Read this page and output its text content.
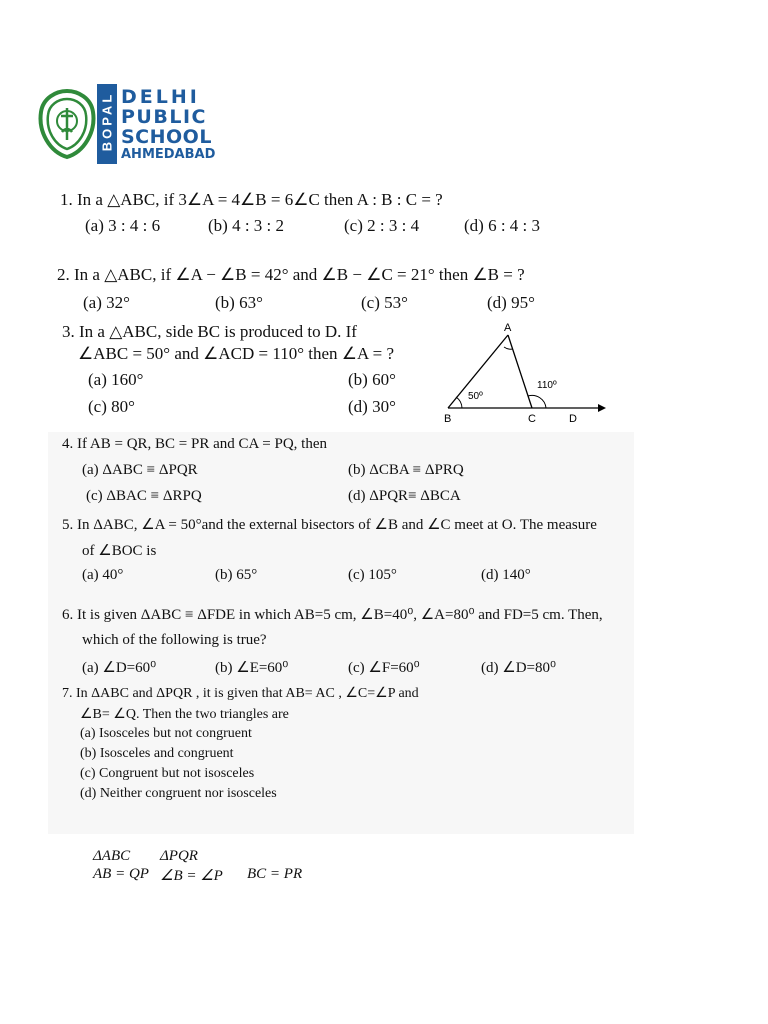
BOPAL DELHI
PUBLIC
SCHOOL
AHMEDABAD
1. In a △ABC, if 3∠A = 4∠B = 6∠C then A : B : C = ?
(a) 3 : 4 : 6	(b) 4 : 3 : 2	(c) 2 : 3 : 4	(d) 6 : 4 : 3
2. In a △ABC, if ∠A − ∠B = 42° and ∠B − ∠C = 21° then ∠B = ?
(a) 32°	(b) 63°	(c) 53°	(d) 95°
3. In a △ABC, side BC is produced to D. If
∠ABC = 50° and ∠ACD = 110° then ∠A = ?
(a) 160°	(b) 60°
(c) 80°	(d) 30°
A
B	C	D
50º
110º
4. If AB = QR, BC = PR and CA = PQ, then
(a) ΔABC ≡ ΔPQR	(b) ΔCBA ≡ ΔPRQ
(c) ΔBAC ≡ ΔRPQ	(d) ΔPQR≡ ΔBCA
5. In ΔABC, ∠A = 50°and the external bisectors of ∠B and ∠C meet at O. The measure
of ∠BOC is
(a) 40°	(b) 65°	(c) 105°	(d) 140°
6. It is given ΔABC ≡ ΔFDE in which AB=5 cm, ∠B=40⁰, ∠A=80⁰ and FD=5 cm. Then,
which of the following is true?
(a) ∠D=60⁰	(b) ∠E=60⁰	(c) ∠F=60⁰	(d) ∠D=80⁰
7. In ΔABC and ΔPQR , it is given that AB= AC , ∠C=∠P and
∠B= ∠Q. Then the two triangles are
(a) Isosceles but not congruent
(b) Isosceles and congruent
(c) Congruent but not isosceles
(d) Neither congruent nor isosceles
ΔABC ΔPQR
AB = QP ∠B = ∠P BC = PR
